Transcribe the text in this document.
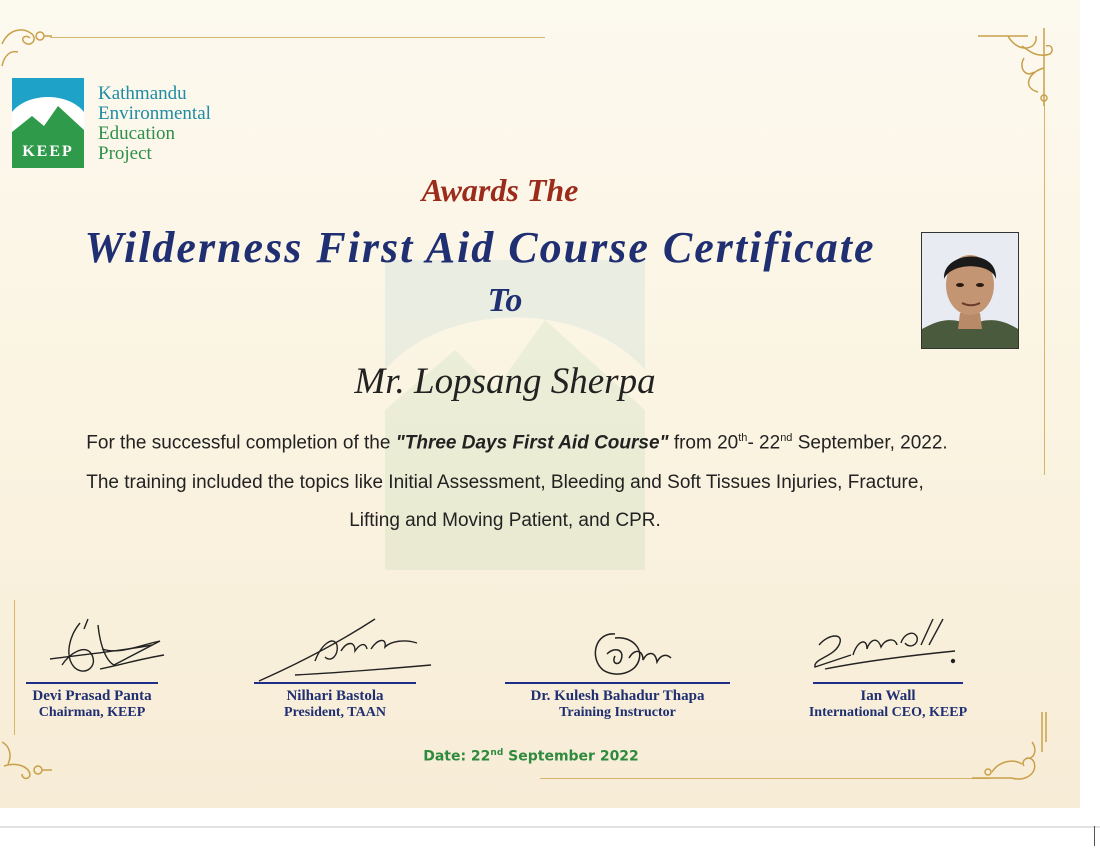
KEEP
Kathmandu
Environmental
Education
Project
Awards The
Wilderness First Aid Course Certificate
To
Mr. Lopsang Sherpa
For the successful completion of the "Three Days First Aid Course" from 20th- 22nd September, 2022.
The training included the topics like Initial Assessment, Bleeding and Soft Tissues Injuries, Fracture,
Lifting and Moving Patient, and CPR.
Devi Prasad Panta
Chairman, KEEP
Nilhari Bastola
President, TAAN
Dr. Kulesh Bahadur Thapa
Training Instructor
Ian Wall
International CEO, KEEP
Date: 22nd September 2022
